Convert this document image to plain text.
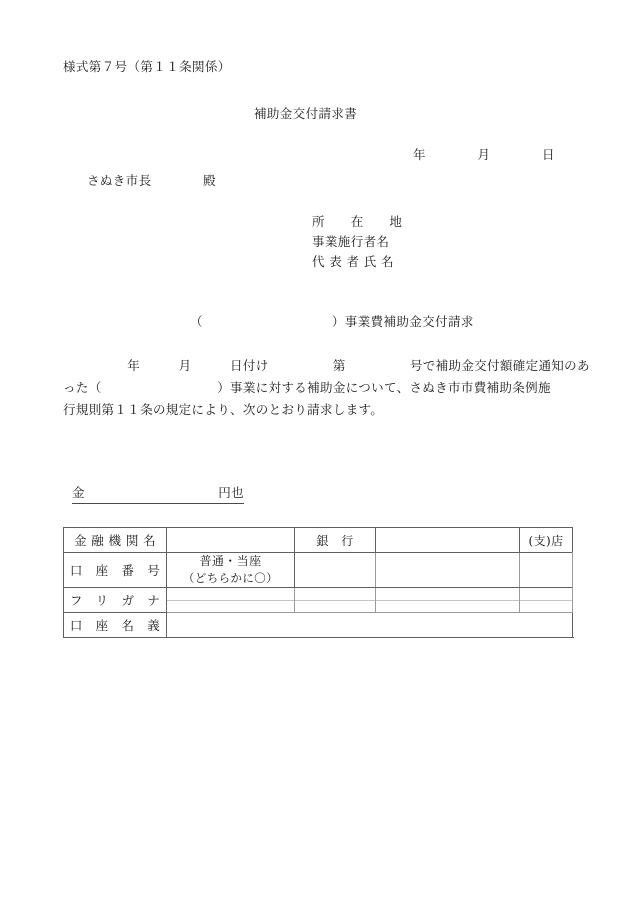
様式第７号（第１１条関係）
補助金交付請求書
年　　　　月　　　　日
さぬき市長　　　　殿
所　　在　　地
事業施行者名
代 表 者 氏 名
（　　　　　　　　　　）事業費補助金交付請求
　　　　　年　　　月　　　日付け　　　　　第　　　　　号で補助金交付額確定通知のあ
った（　　　　　　　　　）事業に対する補助金について、さぬき市市費補助条例施
行規則第１１条の規定により、次のとおり請求します。
金	円也
金 融 機 関 名		銀　行		(支)店	
口　座　番　号	普通・当座
（どちらかに〇）				

フ　リ　ガ　ナ														
口　座　名　義					
